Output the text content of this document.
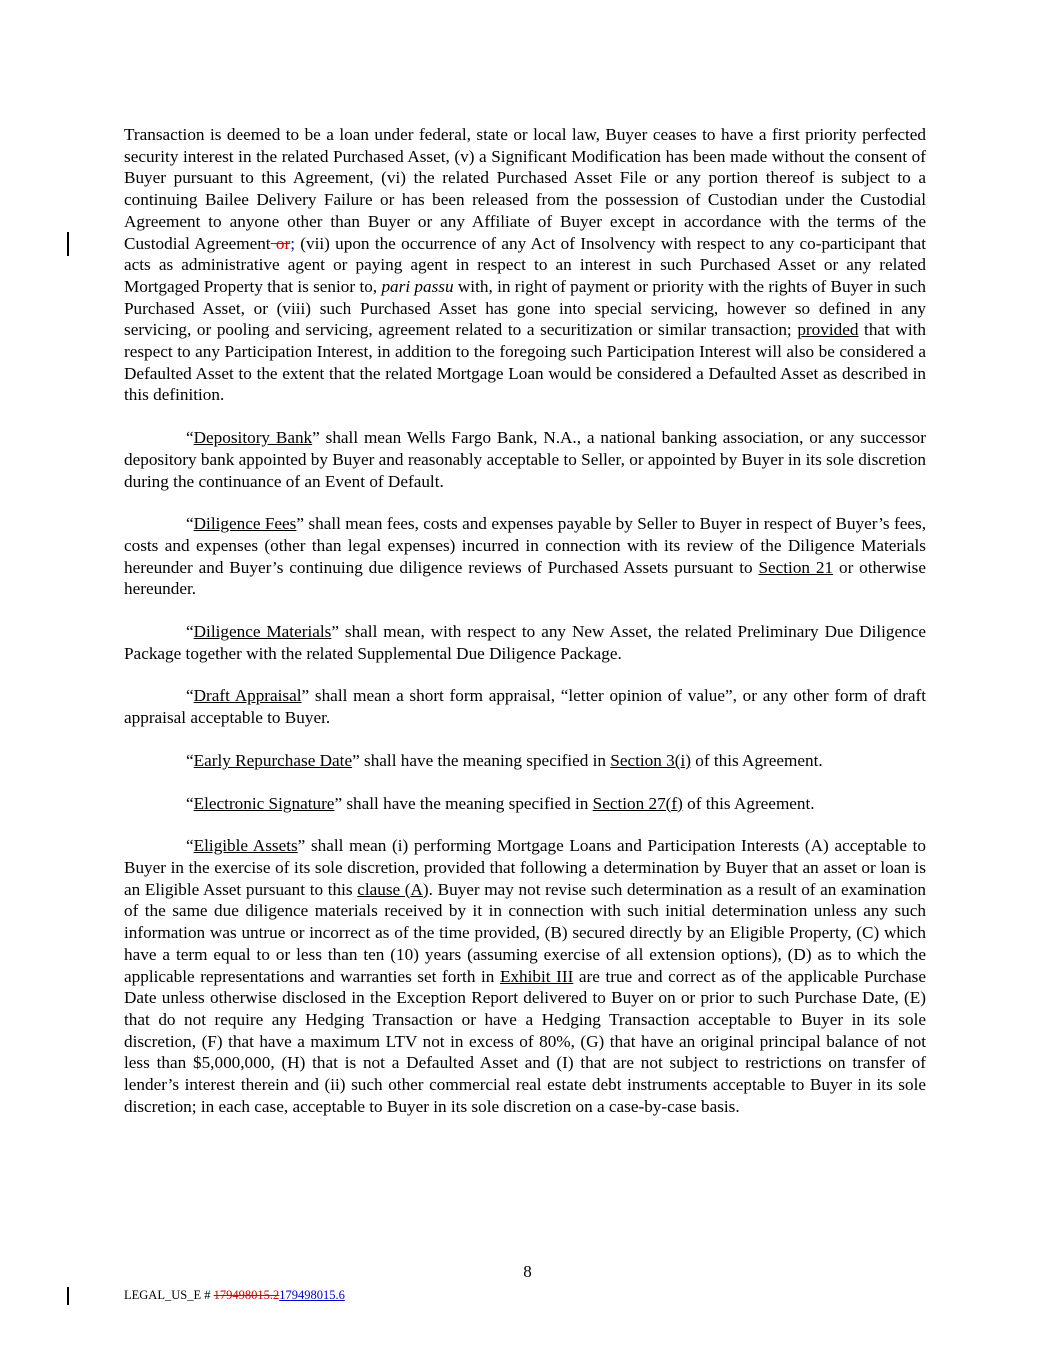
Transaction is deemed to be a loan under federal, state or local law, Buyer ceases to have a first priority perfected security interest in the related Purchased Asset, (v) a Significant Modification has been made without the consent of Buyer pursuant to this Agreement, (vi) the related Purchased Asset File or any portion thereof is subject to a continuing Bailee Delivery Failure or has been released from the possession of Custodian under the Custodial Agreement to anyone other than Buyer or any Affiliate of Buyer except in accordance with the terms of the Custodial Agreement or; (vii) upon the occurrence of any Act of Insolvency with respect to any co-participant that acts as administrative agent or paying agent in respect to an interest in such Purchased Asset or any related Mortgaged Property that is senior to, pari passu with, in right of payment or priority with the rights of Buyer in such Purchased Asset, or (viii) such Purchased Asset has gone into special servicing, however so defined in any servicing, or pooling and servicing, agreement related to a securitization or similar transaction; provided that with respect to any Participation Interest, in addition to the foregoing such Participation Interest will also be considered a Defaulted Asset to the extent that the related Mortgage Loan would be considered a Defaulted Asset as described in this definition.

“Depository Bank” shall mean Wells Fargo Bank, N.A., a national banking association, or any successor depository bank appointed by Buyer and reasonably acceptable to Seller, or appointed by Buyer in its sole discretion during the continuance of an Event of Default.

“Diligence Fees” shall mean fees, costs and expenses payable by Seller to Buyer in respect of Buyer’s fees, costs and expenses (other than legal expenses) incurred in connection with its review of the Diligence Materials hereunder and Buyer’s continuing due diligence reviews of Purchased Assets pursuant to Section 21 or otherwise hereunder.

“Diligence Materials” shall mean, with respect to any New Asset, the related Preliminary Due Diligence Package together with the related Supplemental Due Diligence Package.

“Draft Appraisal” shall mean a short form appraisal, “letter opinion of value”, or any other form of draft appraisal acceptable to Buyer.

“Early Repurchase Date” shall have the meaning specified in Section 3(i) of this Agreement.

“Electronic Signature” shall have the meaning specified in Section 27(f) of this Agreement.

“Eligible Assets” shall mean (i) performing Mortgage Loans and Participation Interests (A) acceptable to Buyer in the exercise of its sole discretion, provided that following a determination by Buyer that an asset or loan is an Eligible Asset pursuant to this clause (A). Buyer may not revise such determination as a result of an examination of the same due diligence materials received by it in connection with such initial determination unless any such information was untrue or incorrect as of the time provided, (B) secured directly by an Eligible Property, (C) which have a term equal to or less than ten (10) years (assuming exercise of all extension options), (D) as to which the applicable representations and warranties set forth in Exhibit III are true and correct as of the applicable Purchase Date unless otherwise disclosed in the Exception Report delivered to Buyer on or prior to such Purchase Date, (E) that do not require any Hedging Transaction or have a Hedging Transaction acceptable to Buyer in its sole discretion, (F) that have a maximum LTV not in excess of 80%, (G) that have an original principal balance of not less than $5,000,000, (H) that is not a Defaulted Asset and (I) that are not subject to restrictions on transfer of lender’s interest therein and (ii) such other commercial real estate debt instruments acceptable to Buyer in its sole discretion; in each case, acceptable to Buyer in its sole discretion on a case-by-case basis.

8
LEGAL_US_E # 179498015.2179498015.6
